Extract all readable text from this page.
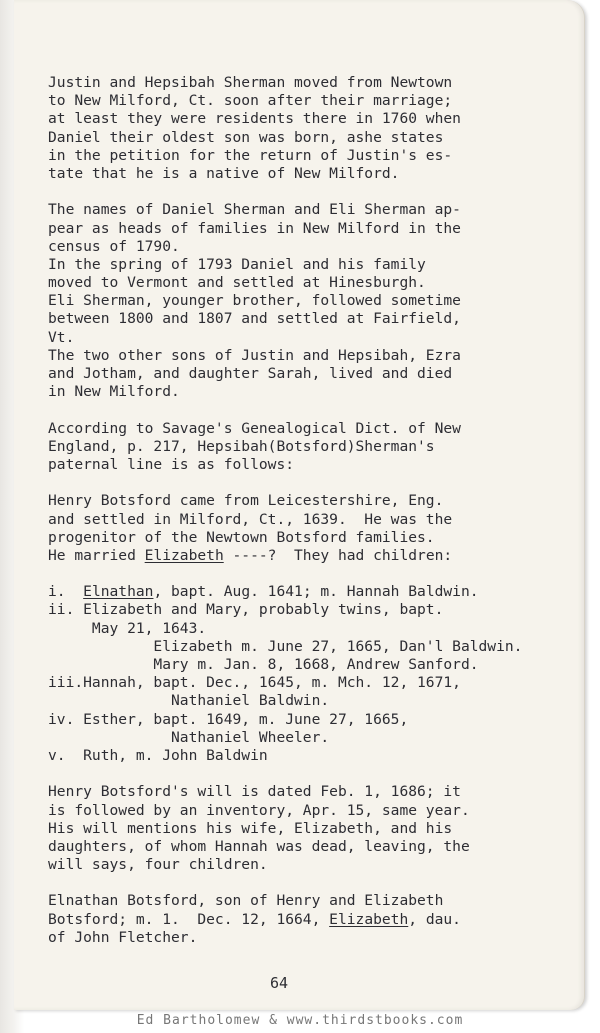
Justin and Hepsibah Sherman moved from Newtown
to New Milford, Ct. soon after their marriage;
at least they were residents there in 1760 when
Daniel their oldest son was born, ashe states
in the petition for the return of Justin's es-
tate that he is a native of New Milford.
The names of Daniel Sherman and Eli Sherman ap-
pear as heads of families in New Milford in the
census of 1790.
In the spring of 1793 Daniel and his family
moved to Vermont and settled at Hinesburgh.
Eli Sherman, younger brother, followed sometime
between 1800 and 1807 and settled at Fairfield,
Vt.
The two other sons of Justin and Hepsibah, Ezra
and Jotham, and daughter Sarah, lived and died
in New Milford.
According to Savage's Genealogical Dict. of New
England, p. 217, Hepsibah(Botsford)Sherman's
paternal line is as follows:
Henry Botsford came from Leicestershire, Eng.
and settled in Milford, Ct., 1639.  He was the
progenitor of the Newtown Botsford families.
He married Elizabeth ----?  They had children:
i.  Elnathan, bapt. Aug. 1641; m. Hannah Baldwin.
ii. Elizabeth and Mary, probably twins, bapt.
May 21, 1643.
Elizabeth m. June 27, 1665, Dan'l Baldwin.
Mary m. Jan. 8, 1668, Andrew Sanford.
iii.Hannah, bapt. Dec., 1645, m. Mch. 12, 1671,
Nathaniel Baldwin.
iv. Esther, bapt. 1649, m. June 27, 1665,
Nathaniel Wheeler.
v.  Ruth, m. John Baldwin
Henry Botsford's will is dated Feb. 1, 1686; it
is followed by an inventory, Apr. 15, same year.
His will mentions his wife, Elizabeth, and his
daughters, of whom Hannah was dead, leaving, the
will says, four children.
Elnathan Botsford, son of Henry and Elizabeth
Botsford; m. 1.  Dec. 12, 1664, Elizabeth, dau.
of John Fletcher.
64
Ed Bartholomew & www.thirdstbooks.com
